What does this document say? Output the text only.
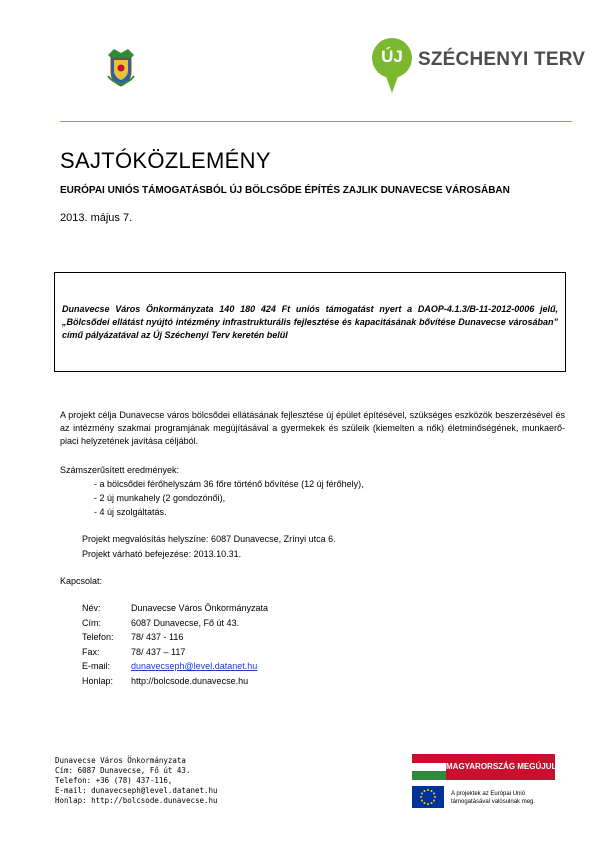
ÚJ SZÉCHENYI TERV
SAJTÓKÖZLEMÉNY
EURÓPAI UNIÓS TÁMOGATÁSBÓL ÚJ BÖLCSŐDE ÉPÍTÉS ZAJLIK DUNAVECSE VÁROSÁBAN
2013. május 7.
Dunavecse Város Önkormányzata 140 180 424 Ft uniós támogatást nyert a DAOP-4.1.3/B-11-2012-0006 jelű, „Bölcsődei ellátást nyújtó intézmény infrastrukturális fejlesztése és kapacitásának bővítése Dunavecse városában” című pályázatával az Új Széchenyi Terv keretén belül
A projekt célja Dunavecse város bölcsődei ellátásának fejlesztése új épület építésével, szükséges eszközök beszerzésével és az intézmény szakmai programjának megújításával a gyermekek és szüleik (kiemelten a nők) életminőségének, munkaerő-piaci helyzetének javítása céljából.
Számszerűsített eredmények:
- a bölcsődei férőhelyszám 36 főre történő bővítése (12 új férőhely),
- 2 új munkahely (2 gondozónői),
- 4 új szolgáltatás.
Projekt megvalósítás helyszíne: 6087 Dunavecse, Zrínyi utca 6.
Projekt várható befejezése: 2013.10.31.
Kapcsolat:
Név:	Dunavecse Város Önkormányzata
Cím:	6087 Dunavecse, Fő út 43.
Telefon: 78/ 437 - 116
Fax:	78/ 437 – 117
E-mail: dunavecseph@level.datanet.hu
Honlap: http://bolcsode.dunavecse.hu
Dunavecse Város Önkormányzata
Cím: 6087 Dunavecse, Fő út 43.
Telefon: +36 (78) 437-116,
E-mail: dunavecseph@level.datanet.hu
Honlap: http://bolcsode.dunavecse.hu
MAGYARORSZÁG MEGÚJUL
A projektek az Európai Unió
támogatásával valósulnak meg.
